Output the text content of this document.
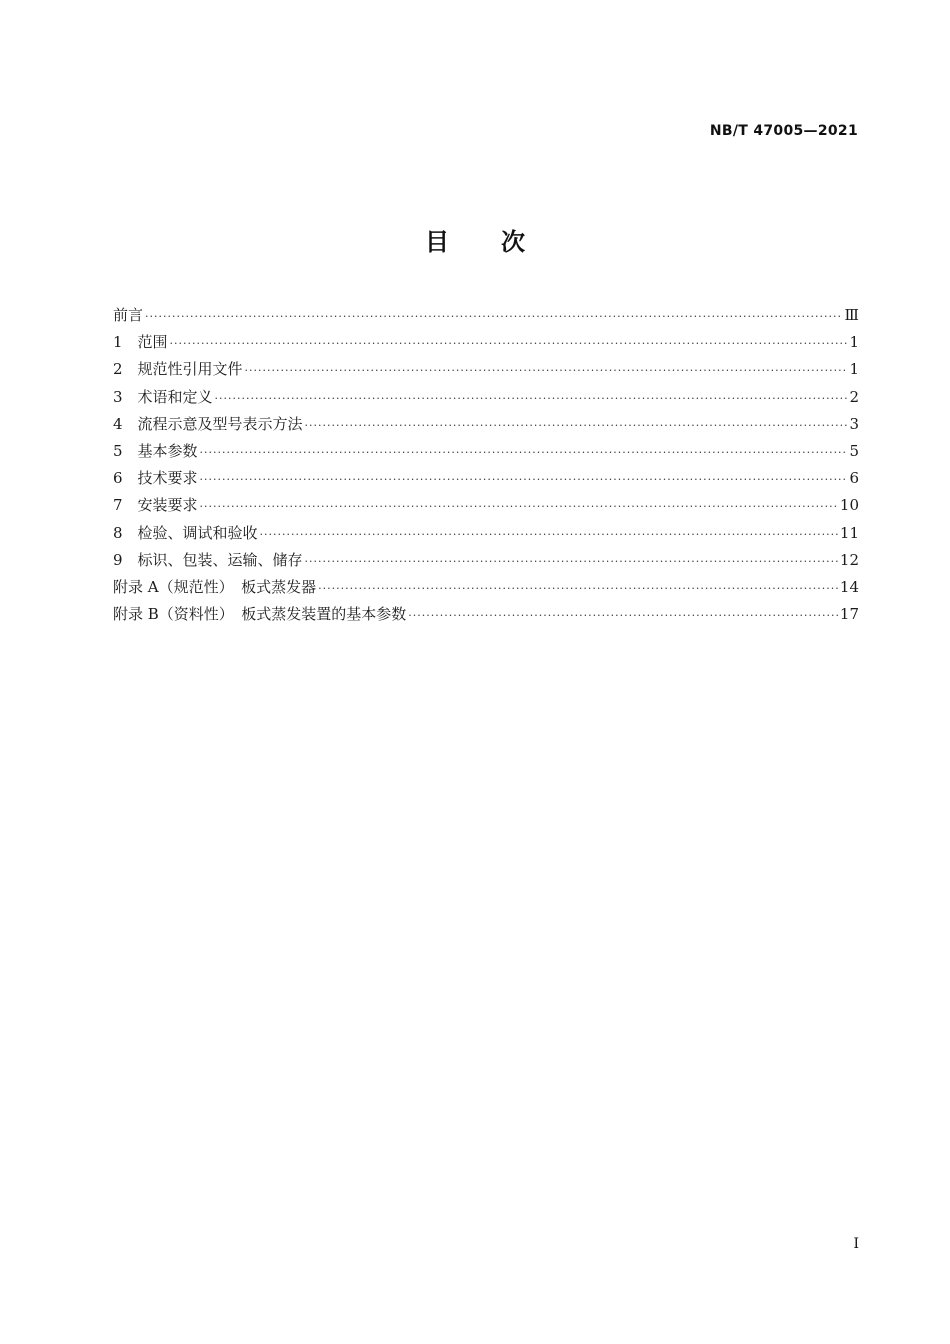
NB/T 47005—2021
目次
前言 ·····	Ⅲ
1　范围 ·····	1
2　规范性引用文件 ·····	1
3　术语和定义 ·····	2
4　流程示意及型号表示方法 ·····	3
5　基本参数 ·····	5
6　技术要求 ·····	6
7　安装要求 ·····	10
8　检验、调试和验收 ·····	11
9　标识、包装、运输、储存 ·····	12
附录 A（规范性）　板式蒸发器 ·····	14
附录 B（资料性）　板式蒸发装置的基本参数 ·····	17
I
